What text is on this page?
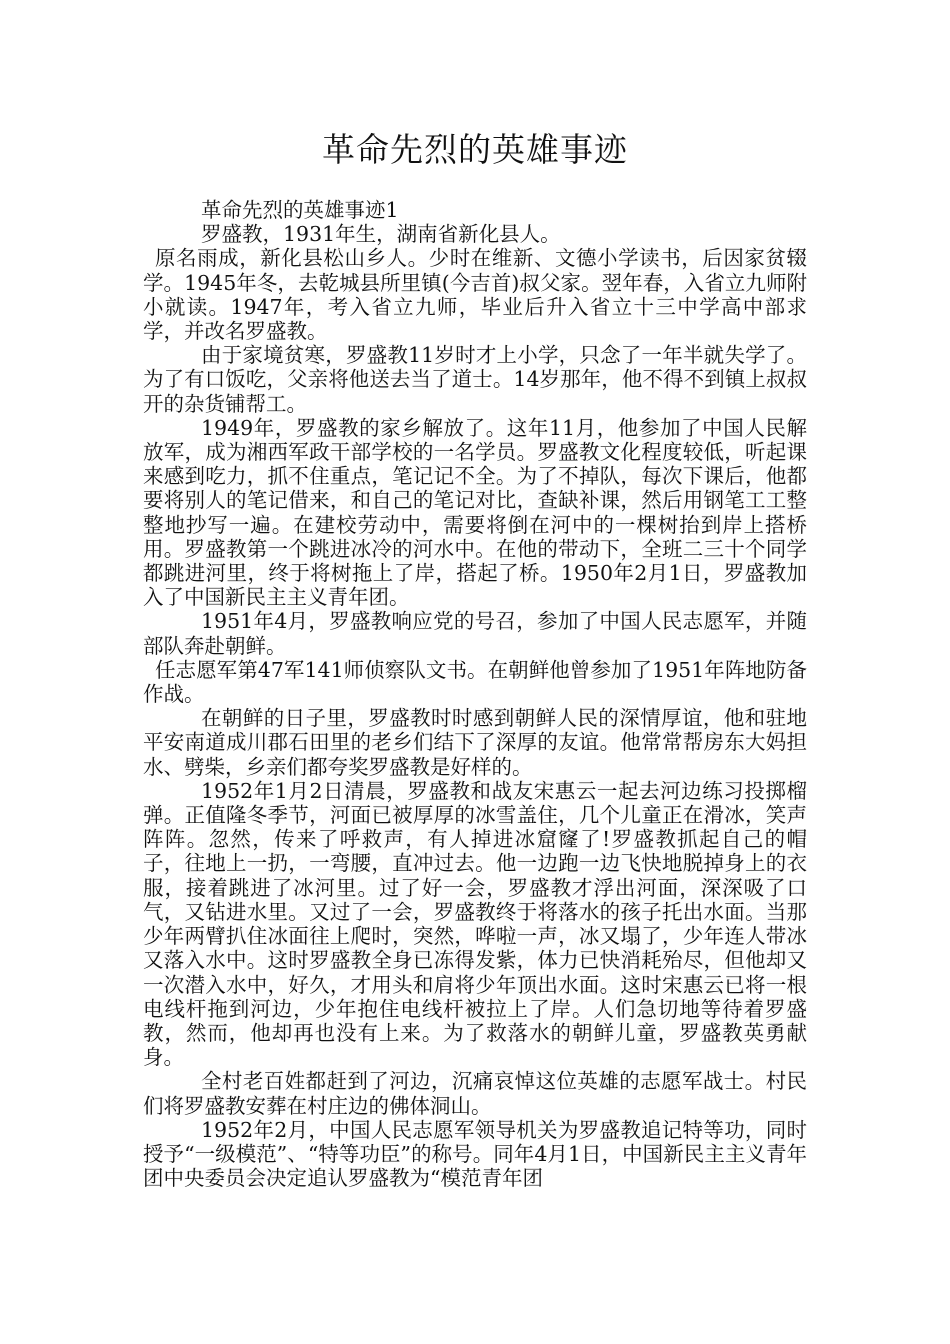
革命先烈的英雄事迹

革命先烈的英雄事迹1

罗盛教，1931年生，湖南省新化县人。

原名雨成，新化县松山乡人。少时在维新、文德小学读书，后因家贫辍学。1945年冬，去乾城县所里镇(今吉首)叔父家。翌年春，入省立九师附小就读。1947年，考入省立九师，毕业后升入省立十三中学高中部求学，并改名罗盛教。

由于家境贫寒，罗盛教11岁时才上小学，只念了一年半就失学了。为了有口饭吃，父亲将他送去当了道士。14岁那年，他不得不到镇上叔叔开的杂货铺帮工。

1949年，罗盛教的家乡解放了。这年11月，他参加了中国人民解放军，成为湘西军政干部学校的一名学员。罗盛教文化程度较低，听起课来感到吃力，抓不住重点，笔记记不全。为了不掉队，每次下课后，他都要将别人的笔记借来，和自己的笔记对比，查缺补课，然后用钢笔工工整整地抄写一遍。在建校劳动中，需要将倒在河中的一棵树抬到岸上搭桥用。罗盛教第一个跳进冰冷的河水中。在他的带动下，全班二三十个同学都跳进河里，终于将树拖上了岸，搭起了桥。1950年2月1日，罗盛教加入了中国新民主主义青年团。

1951年4月，罗盛教响应党的号召，参加了中国人民志愿军，并随部队奔赴朝鲜。

任志愿军第47军141师侦察队文书。在朝鲜他曾参加了1951年阵地防备作战。

在朝鲜的日子里，罗盛教时时感到朝鲜人民的深情厚谊，他和驻地平安南道成川郡石田里的老乡们结下了深厚的友谊。他常常帮房东大妈担水、劈柴，乡亲们都夸奖罗盛教是好样的。

1952年1月2日清晨，罗盛教和战友宋惠云一起去河边练习投掷榴弹。正值隆冬季节，河面已被厚厚的冰雪盖住，几个儿童正在滑冰，笑声阵阵。忽然，传来了呼救声，有人掉进冰窟窿了!罗盛教抓起自己的帽子，往地上一扔，一弯腰，直冲过去。他一边跑一边飞快地脱掉身上的衣服，接着跳进了冰河里。过了好一会，罗盛教才浮出河面，深深吸了口气，又钻进水里。又过了一会，罗盛教终于将落水的孩子托出水面。当那少年两臂扒住冰面往上爬时，突然，哗啦一声，冰又塌了，少年连人带冰又落入水中。这时罗盛教全身已冻得发紫，体力已快消耗殆尽，但他却又一次潜入水中，好久，才用头和肩将少年顶出水面。这时宋惠云已将一根电线杆拖到河边，少年抱住电线杆被拉上了岸。人们急切地等待着罗盛教，然而，他却再也没有上来。为了救落水的朝鲜儿童，罗盛教英勇献身。

全村老百姓都赶到了河边，沉痛哀悼这位英雄的志愿军战士。村民们将罗盛教安葬在村庄边的佛体洞山。

1952年2月，中国人民志愿军领导机关为罗盛教追记特等功，同时授予“一级模范”、“特等功臣”的称号。同年4月1日，中国新民主主义青年团中央委员会决定追认罗盛教为“模范青年团
